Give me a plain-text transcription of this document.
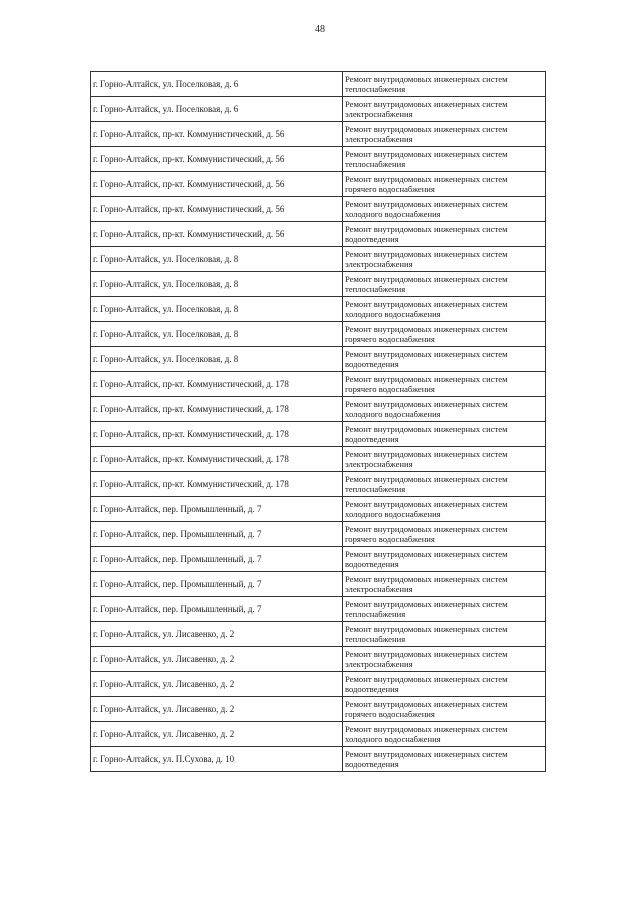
48
г. Горно-Алтайск, ул. Поселковая, д. 6	Ремонт внутридомовых инженерных систем
теплоснабжения

г. Горно-Алтайск, ул. Поселковая, д. 6	Ремонт внутридомовых инженерных систем
электроснабжения

г. Горно-Алтайск, пр-кт. Коммунистический, д. 56	Ремонт внутридомовых инженерных систем
электроснабжения

г. Горно-Алтайск, пр-кт. Коммунистический, д. 56	Ремонт внутридомовых инженерных систем
теплоснабжения

г. Горно-Алтайск, пр-кт. Коммунистический, д. 56	Ремонт внутридомовых инженерных систем
горячего водоснабжения

г. Горно-Алтайск, пр-кт. Коммунистический, д. 56	Ремонт внутридомовых инженерных систем
холодного водоснабжения

г. Горно-Алтайск, пр-кт. Коммунистический, д. 56	Ремонт внутридомовых инженерных систем
водоотведения

г. Горно-Алтайск, ул. Поселковая, д. 8	Ремонт внутридомовых инженерных систем
электроснабжения

г. Горно-Алтайск, ул. Поселковая, д. 8	Ремонт внутридомовых инженерных систем
теплоснабжения

г. Горно-Алтайск, ул. Поселковая, д. 8	Ремонт внутридомовых инженерных систем
холодного водоснабжения

г. Горно-Алтайск, ул. Поселковая, д. 8	Ремонт внутридомовых инженерных систем
горячего водоснабжения

г. Горно-Алтайск, ул. Поселковая, д. 8	Ремонт внутридомовых инженерных систем
водоотведения

г. Горно-Алтайск, пр-кт. Коммунистический, д. 178	Ремонт внутридомовых инженерных систем
горячего водоснабжения

г. Горно-Алтайск, пр-кт. Коммунистический, д. 178	Ремонт внутридомовых инженерных систем
холодного водоснабжения

г. Горно-Алтайск, пр-кт. Коммунистический, д. 178	Ремонт внутридомовых инженерных систем
водоотведения

г. Горно-Алтайск, пр-кт. Коммунистический, д. 178	Ремонт внутридомовых инженерных систем
электроснабжения

г. Горно-Алтайск, пр-кт. Коммунистический, д. 178	Ремонт внутридомовых инженерных систем
теплоснабжения

г. Горно-Алтайск, пер. Промышленный, д. 7	Ремонт внутридомовых инженерных систем
холодного водоснабжения

г. Горно-Алтайск, пер. Промышленный, д. 7	Ремонт внутридомовых инженерных систем
горячего водоснабжения

г. Горно-Алтайск, пер. Промышленный, д. 7	Ремонт внутридомовых инженерных систем
водоотведения

г. Горно-Алтайск, пер. Промышленный, д. 7	Ремонт внутридомовых инженерных систем
электроснабжения

г. Горно-Алтайск, пер. Промышленный, д. 7	Ремонт внутридомовых инженерных систем
теплоснабжения

г. Горно-Алтайск, ул. Лисавенко, д. 2	Ремонт внутридомовых инженерных систем
теплоснабжения

г. Горно-Алтайск, ул. Лисавенко, д. 2	Ремонт внутридомовых инженерных систем
электроснабжения

г. Горно-Алтайск, ул. Лисавенко, д. 2	Ремонт внутридомовых инженерных систем
водоотведения

г. Горно-Алтайск, ул. Лисавенко, д. 2	Ремонт внутридомовых инженерных систем
горячего водоснабжения

г. Горно-Алтайск, ул. Лисавенко, д. 2	Ремонт внутридомовых инженерных систем
холодного водоснабжения

г. Горно-Алтайск, ул. П.Сухова, д. 10	Ремонт внутридомовых инженерных систем
водоотведения
